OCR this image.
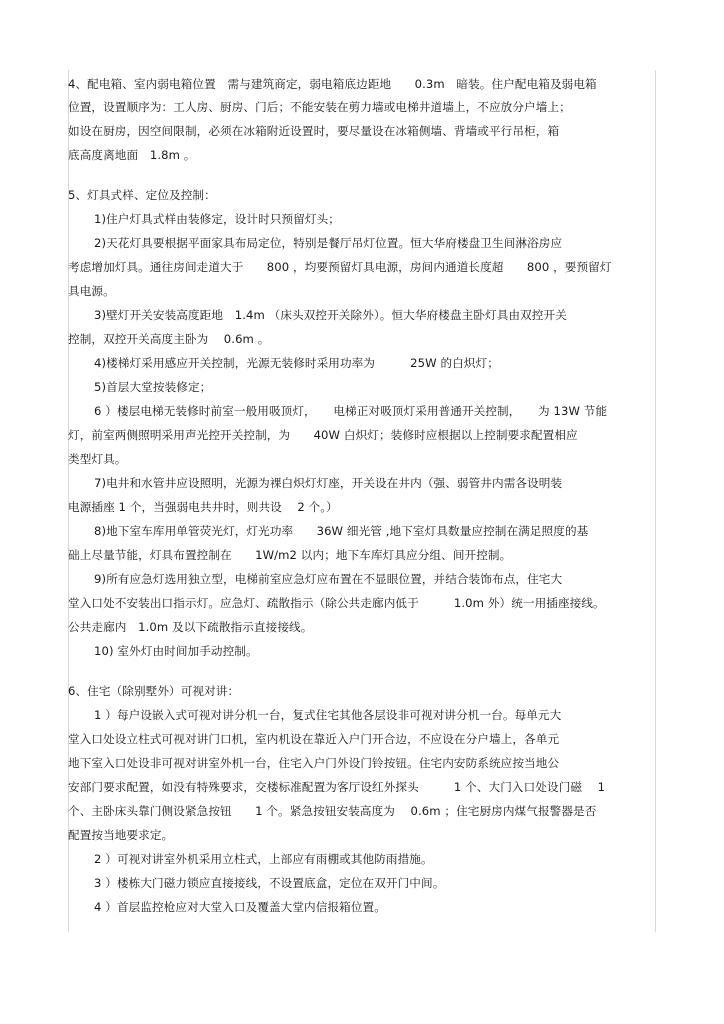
4、配电箱、室内弱电箱位置　需与建筑商定，弱电箱底边距地　　0.3m　暗装。住户配电箱及弱电箱
位置，设置顺序为：工人房、厨房、门后；不能安装在剪力墙或电梯井道墙上，不应放分户墙上；
如设在厨房，因空间限制，必须在冰箱附近设置时，要尽量设在冰箱侧墙、背墙或平行吊柜，箱
底高度离地面　1.8m 。
5、灯具式样、定位及控制：
1)住户灯具式样由装修定，设计时只预留灯头；
2)天花灯具要根据平面家具布局定位，特别是餐厅吊灯位置。恒大华府楼盘卫生间淋浴房应
考虑增加灯具。通往房间走道大于　　800 ，均要预留灯具电源，房间内通道长度超　　800 ，要预留灯
具电源。
3)壁灯开关安装高度距地　1.4m （床头双控开关除外）。恒大华府楼盘主卧灯具由双控开关
控制，双控开关高度主卧为　 0.6m 。
4)楼梯灯采用感应开关控制，光源无装修时采用功率为　　　25W 的白炽灯；
5)首层大堂按装修定；
6 ）楼层电梯无装修时前室一般用吸顶灯，　　电梯正对吸顶灯采用普通开关控制，　　为 13W 节能
灯，前室两侧照明采用声光控开关控制，为　　40W 白炽灯；装修时应根据以上控制要求配置相应
类型灯具。
7)电井和水管井应设照明，光源为裸白炽灯灯座，开关设在井内（强、弱管井内需各设明装
电源插座 1 个，当强弱电共井时，则共设　 2 个。）
8)地下室车库用单管荧光灯，灯光功率　　36W 细光管 ,地下室灯具数量应控制在满足照度的基
础上尽量节能，灯具布置控制在　　1W/m2 以内；地下车库灯具应分组、间开控制。
9)所有应急灯选用独立型，电梯前室应急灯应布置在不显眼位置，并结合装饰布点，住宅大
堂入口处不安装出口指示灯。应急灯、疏散指示（除公共走廊内低于　　　1.0m 外）统一用插座接线。
公共走廊内　1.0m 及以下疏散指示直接接线。
10) 室外灯由时间加手动控制。
6、住宅（除别墅外）可视对讲：
1 ）每户设嵌入式可视对讲分机一台，复式住宅其他各层设非可视对讲分机一台。每单元大
堂入口处设立柱式可视对讲门口机，室内机设在靠近入户门开合边，不应设在分户墙上，各单元
地下室入口处设非可视对讲室外机一台，住宅入户门外设门铃按钮。住宅内安防系统应按当地公
安部门要求配置，如没有特殊要求，交楼标准配置为客厅设红外探头　　　1 个、大门入口处设门磁　 1
个、主卧床头靠门侧设紧急按钮　　1 个。紧急按钮安装高度为　 0.6m ；住宅厨房内煤气报警器是否
配置按当地要求定。
2 ）可视对讲室外机采用立柱式，上部应有雨棚或其他防雨措施。
3 ）楼栋大门磁力锁应直接接线，不设置底盒，定位在双开门中间。
4 ）首层监控枪应对大堂入口及覆盖大堂内信报箱位置。
